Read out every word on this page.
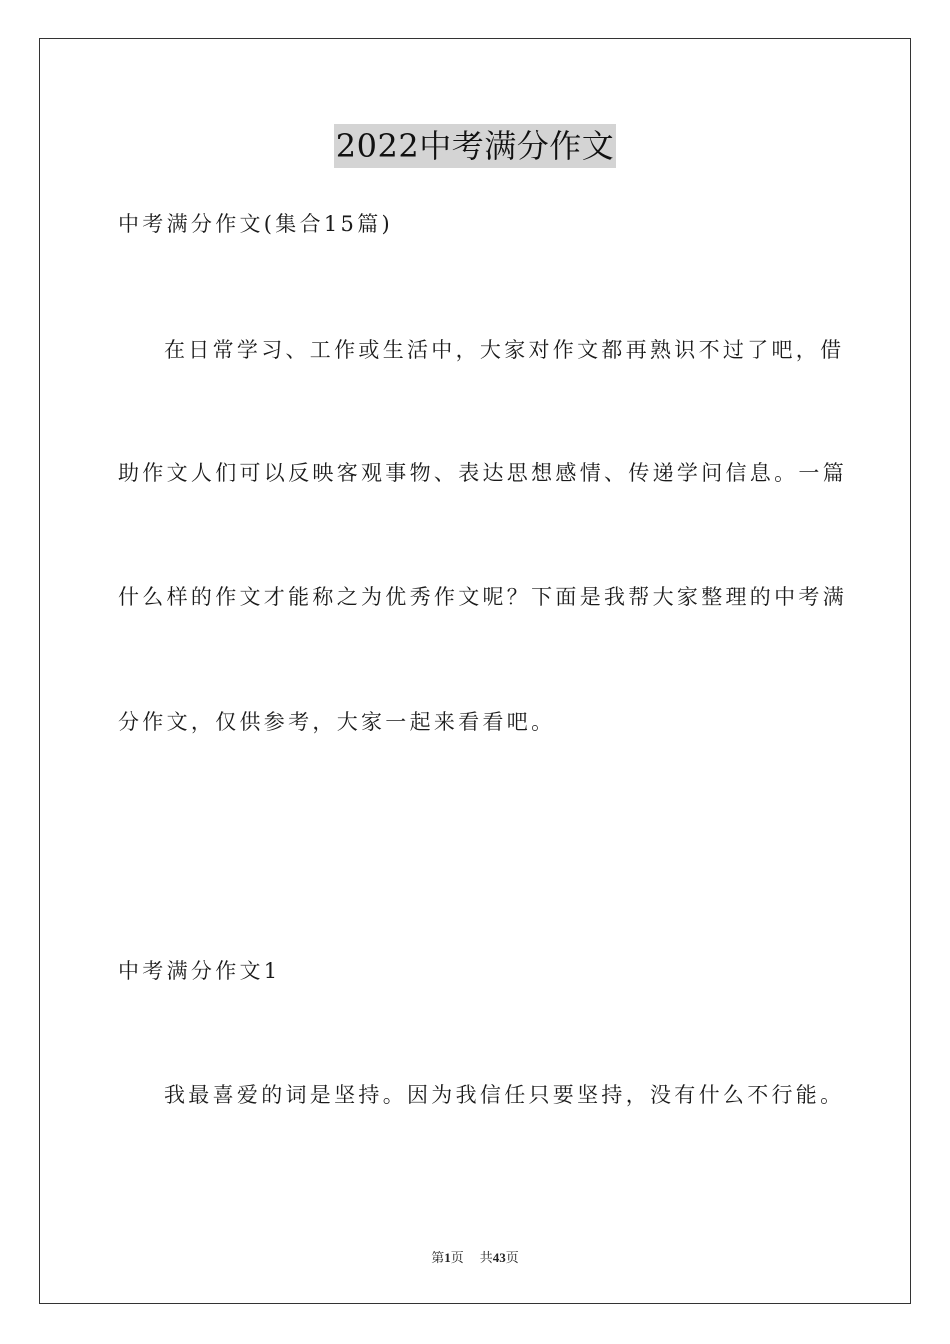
2022中考满分作文
中考满分作文(集合15篇)
在日常学习、工作或生活中，大家对作文都再熟识不过了吧，借
助作文人们可以反映客观事物、表达思想感情、传递学问信息。一篇
什么样的作文才能称之为优秀作文呢？下面是我帮大家整理的中考满
分作文，仅供参考，大家一起来看看吧。
中考满分作文1
我最喜爱的词是坚持。因为我信任只要坚持，没有什么不行能。
第1页 共43页
